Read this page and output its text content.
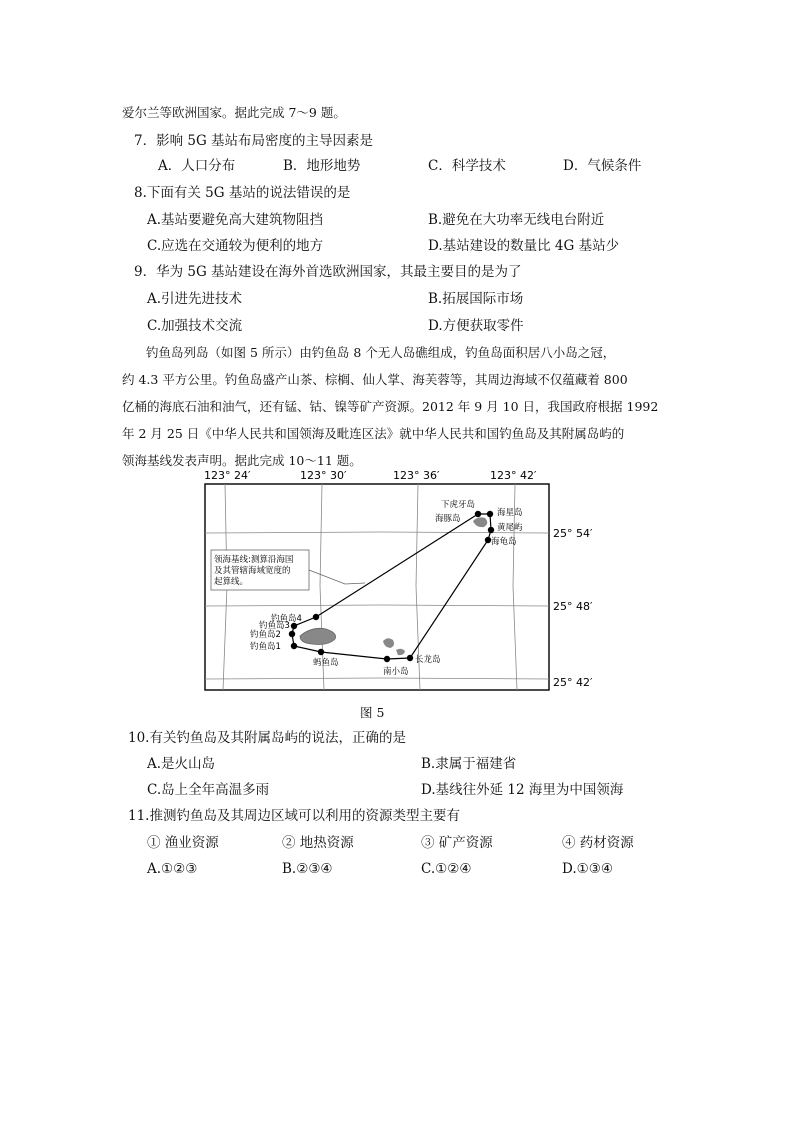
爱尔兰等欧洲国家。据此完成 7～9 题。
7．影响 5G 基站布局密度的主导因素是
A．人口分布	B．地形地势	C．科学技术	D．气候条件
8.下面有关 5G 基站的说法错误的是
A.基站要避免高大建筑物阻挡	B.避免在大功率无线电台附近
C.应选在交通较为便利的地方	D.基站建设的数量比 4G 基站少
9．华为 5G 基站建设在海外首选欧洲国家，其最主要目的是为了
A.引进先进技术	B.拓展国际市场
C.加强技术交流	D.方便获取零件
钓鱼岛列岛（如图 5 所示）由钓鱼岛 8 个无人岛礁组成，钓鱼岛面积居八小岛之冠，
约 4.3 平方公里。钓鱼岛盛产山茶、棕榈、仙人掌、海芙蓉等，其周边海域不仅蕴藏着 800
亿桶的海底石油和油气，还有锰、钴、镍等矿产资源。2012 年 9 月 10 日，我国政府根据 1992
年 2 月 25 日《中华人民共和国领海及毗连区法》就中华人民共和国钓鱼岛及其附属岛屿的
领海基线发表声明。据此完成 10～11 题。
123° 24′	123° 30′	123° 36′	123° 42′
25° 54′
25° 48′
25° 42′
领海基线:测算沿海国
及其管辖海域宽度的
起算线。
下虎牙岛
海星岛
海豚岛
黄尾屿
海龟岛
钓鱼岛4
钓鱼岛3
钓鱼岛2
钓鱼岛1
蚂鱼岛	长龙岛
南小岛
图 5
10.有关钓鱼岛及其附属岛屿的说法，正确的是
A.是火山岛	B.隶属于福建省
C.岛上全年高温多雨	D.基线往外延 12 海里为中国领海
11.推测钓鱼岛及其周边区域可以利用的资源类型主要有
① 渔业资源	② 地热资源	③ 矿产资源	④ 药材资源
A.①②③	B.②③④	C.①②④	D.①③④
